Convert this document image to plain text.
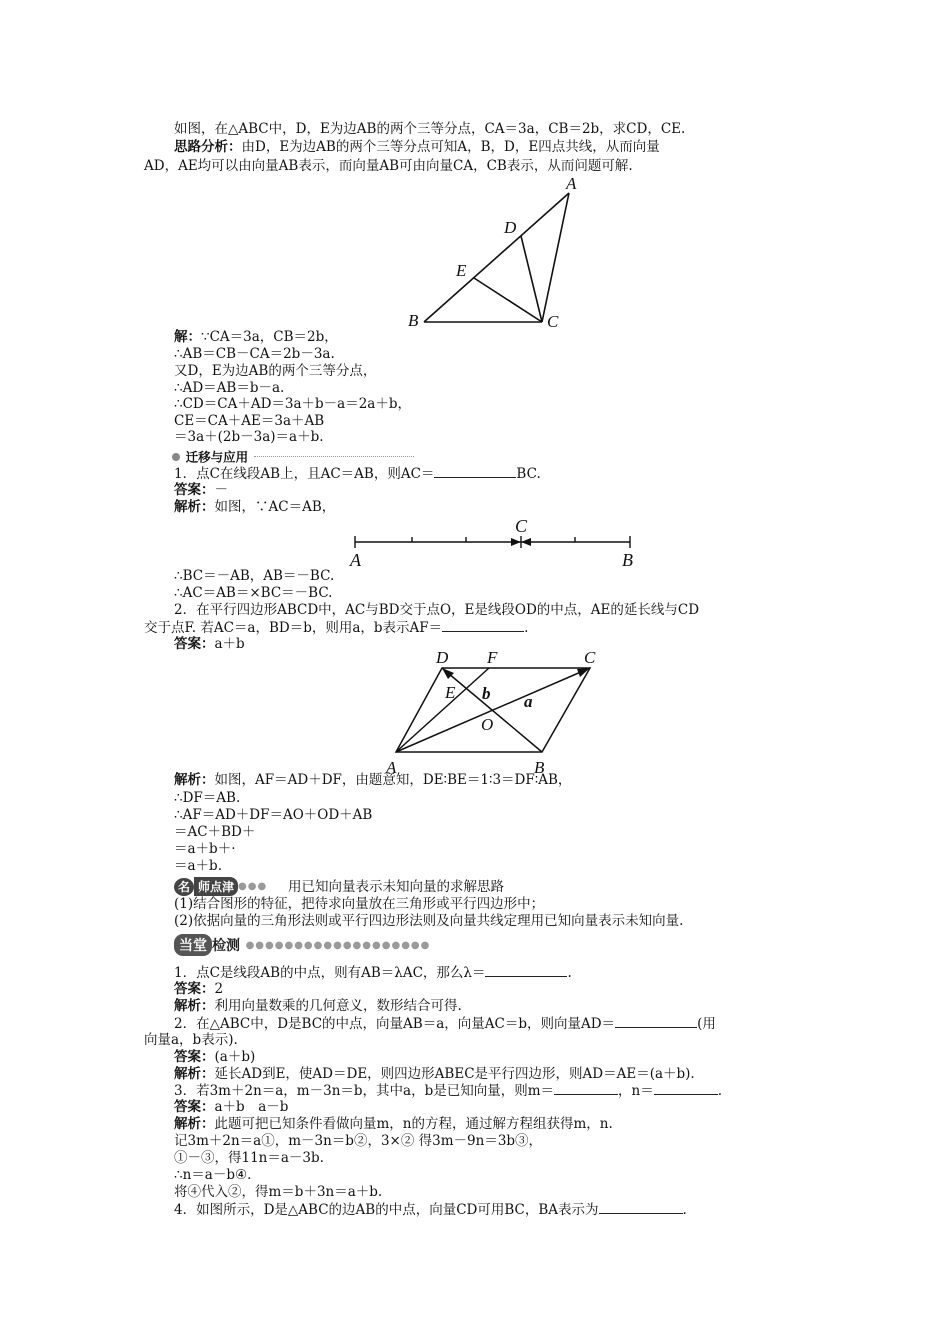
如图，在△ABC中，D，E为边AB的两个三等分点，CA＝3a，CB＝2b，求CD，CE.
思路分析：由D，E为边AB的两个三等分点可知A，B，D，E四点共线，从而向量
AD，AE均可以由向量AB表示，而向量AB可由向量CA，CB表示，从而问题可解.
A
D
E
B	C
解：∵CA＝3a，CB＝2b，
∴AB＝CB－CA＝2b－3a.
又D，E为边AB的两个三等分点，
∴AD＝AB＝b－a.
∴CD＝CA＋AD＝3a＋b－a＝2a＋b，
CE＝CA＋AE＝3a＋AB
＝3a＋(2b－3a)＝a＋b.
迁移与应用
1．点C在线段AB上，且AC＝AB，则AC＝	BC.
答案：－
解析：如图，∵AC＝AB，
A
C
B
∴BC＝－AB，AB＝－BC.
∴AC＝AB＝×BC＝－BC.
2．在平行四边形ABCD中，AC与BD交于点O，E是线段OD的中点，AE的延长线与CD
交于点F. 若AC＝a，BD＝b，则用a，b表示AF＝	.
答案：a＋b
D F	C
E b a
O
A	B
解析：如图，AF＝AD＋DF，由题意知，DE∶BE＝1∶3＝DF∶AB，
∴DF＝AB.
∴AF＝AD＋DF＝AO＋OD＋AB
＝AC＋BD＋
＝a＋b＋·
＝a＋b.
名 师点津 ●●● 用已知向量表示未知向量的求解思路
(1)结合图形的特征，把待求向量放在三角形或平行四边形中；
(2)依据向量的三角形法则或平行四边形法则及向量共线定理用已知向量表示未知向量.
当堂 检测 ●●●●●●●●●●●●●●●●●●●
1．点C是线段AB的中点，则有AB＝λAC，那么λ＝	.
答案：2
解析：利用向量数乘的几何意义，数形结合可得.
2．在△ABC中，D是BC的中点，向量AB＝a，向量AC＝b，则向量AD＝	(用
向量a，b表示).
答案：(a＋b)
解析：延长AD到E，使AD＝DE，则四边形ABEC是平行四边形，则AD＝AE＝(a＋b).
3．若3m＋2n＝a，m－3n＝b，其中a，b是已知向量，则m＝	，n＝	.
答案：a＋b　a－b
解析：此题可把已知条件看做向量m，n的方程，通过解方程组获得m，n.
记3m＋2n＝a①，m－3n＝b②，3×② 得3m－9n＝3b③，
①－③，得11n＝a－3b.
∴n＝a－b④.
将④代入②，得m＝b＋3n＝a＋b.
4．如图所示，D是△ABC的边AB的中点，向量CD可用BC，BA表示为	.
